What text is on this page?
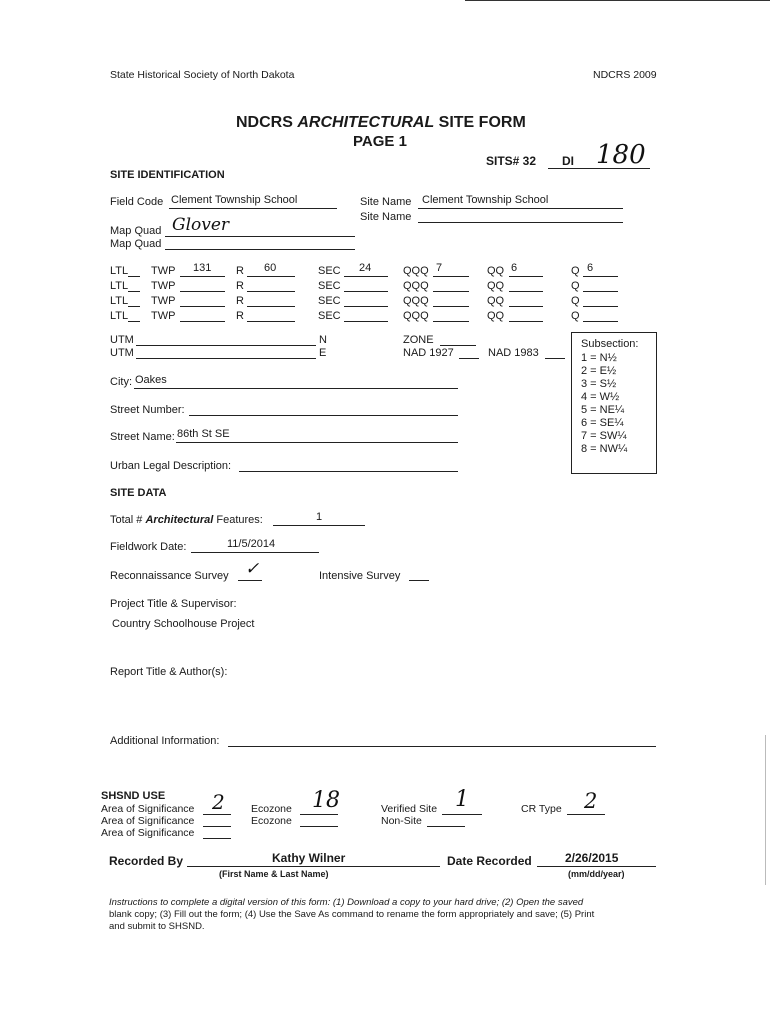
State Historical Society of North Dakota	NDCRS 2009
NDCRS ARCHITECTURAL SITE FORM
PAGE 1
SITS# 32 DI 180
SITE IDENTIFICATION
Field Code Clement Township School	Site Name Clement Township School
Site Name
Map Quad Glover
Map Quad
LTL TWP 131 R 60	SEC 24	QQQ 7	QQ 6	Q 6
LTL TWP	R	SEC	QQQ	QQ	Q
LTL TWP	R	SEC	QQQ	QQ	Q
LTL TWP	R	SEC	QQQ	QQ	Q
UTM	N
UTM	E
ZONE
NAD 1927	NAD 1983
Subsection:
1 = N½
2 = E½
3 = S½
4 = W½
5 = NE¼
6 = SE¼
7 = SW¼
8 = NW¼
City: Oakes
Street Number:
Street Name: 86th St SE
Urban Legal Description:
SITE DATA
Total # Architectural Features:	1
Fieldwork Date:	11/5/2014
Reconnaissance Survey ✓	Intensive Survey
Project Title & Supervisor:
Country Schoolhouse Project
Report Title & Author(s):
Additional Information:
SHSND USE
Area of Significance 2
Area of Significance
Area of Significance
Ecozone 18
Ecozone
Verified Site 1
Non-Site
CR Type 2
Recorded By	Kathy Wilner
(First Name & Last Name)
Date Recorded	2/26/2015
(mm/dd/year)
Instructions to complete a digital version of this form: (1) Download a copy to your hard drive; (2) Open the saved
blank copy; (3) Fill out the form; (4) Use the Save As command to rename the form appropriately and save; (5) Print
and submit to SHSND.
